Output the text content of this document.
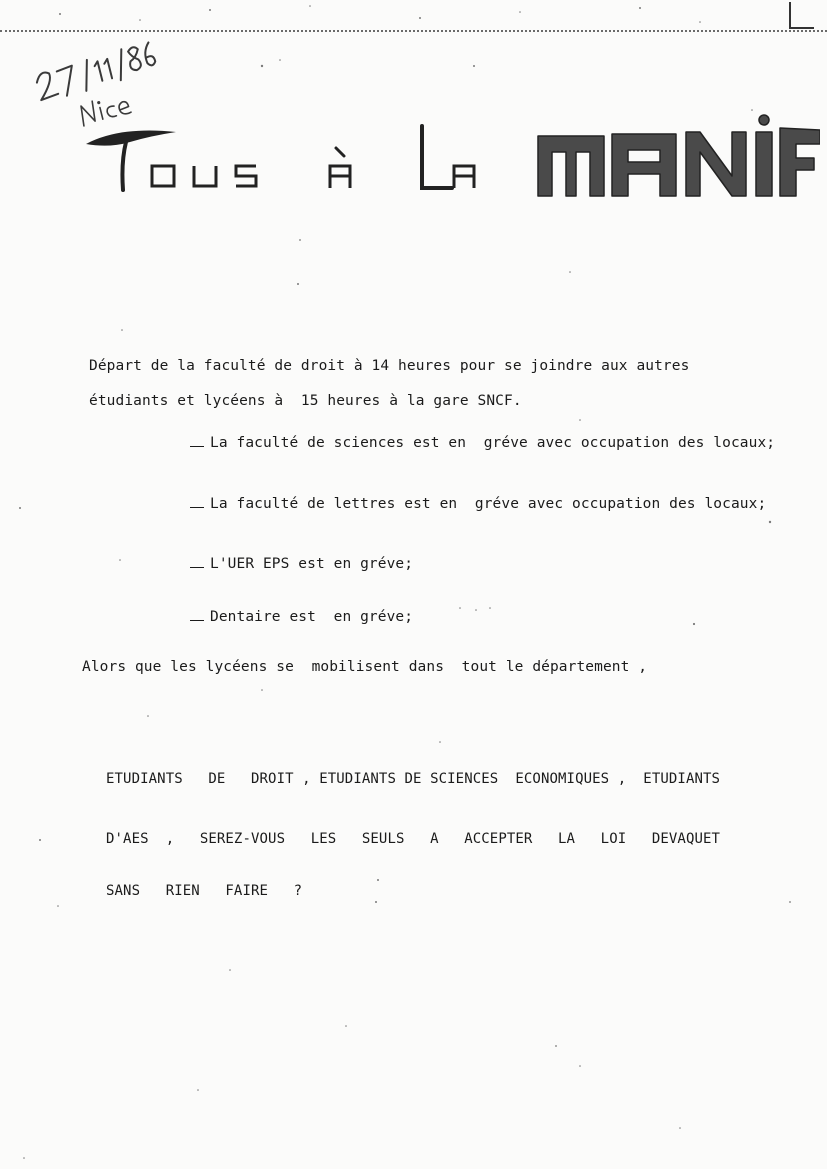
Départ de la faculté de droit à 14 heures pour se joindre aux autres
étudiants et lycéens à  15 heures à la gare SNCF.
La faculté de sciences est en  gréve avec occupation des locaux;
La faculté de lettres est en  gréve avec occupation des locaux;
L'UER EPS est en gréve;
Dentaire est  en gréve;
Alors que les lycéens se  mobilisent dans  tout le département ,
ETUDIANTS   DE   DROIT , ETUDIANTS DE SCIENCES  ECONOMIQUES ,  ETUDIANTS
D'AES  ,   SEREZ-VOUS   LES   SEULS   A   ACCEPTER   LA   LOI   DEVAQUET
SANS   RIEN   FAIRE   ?
